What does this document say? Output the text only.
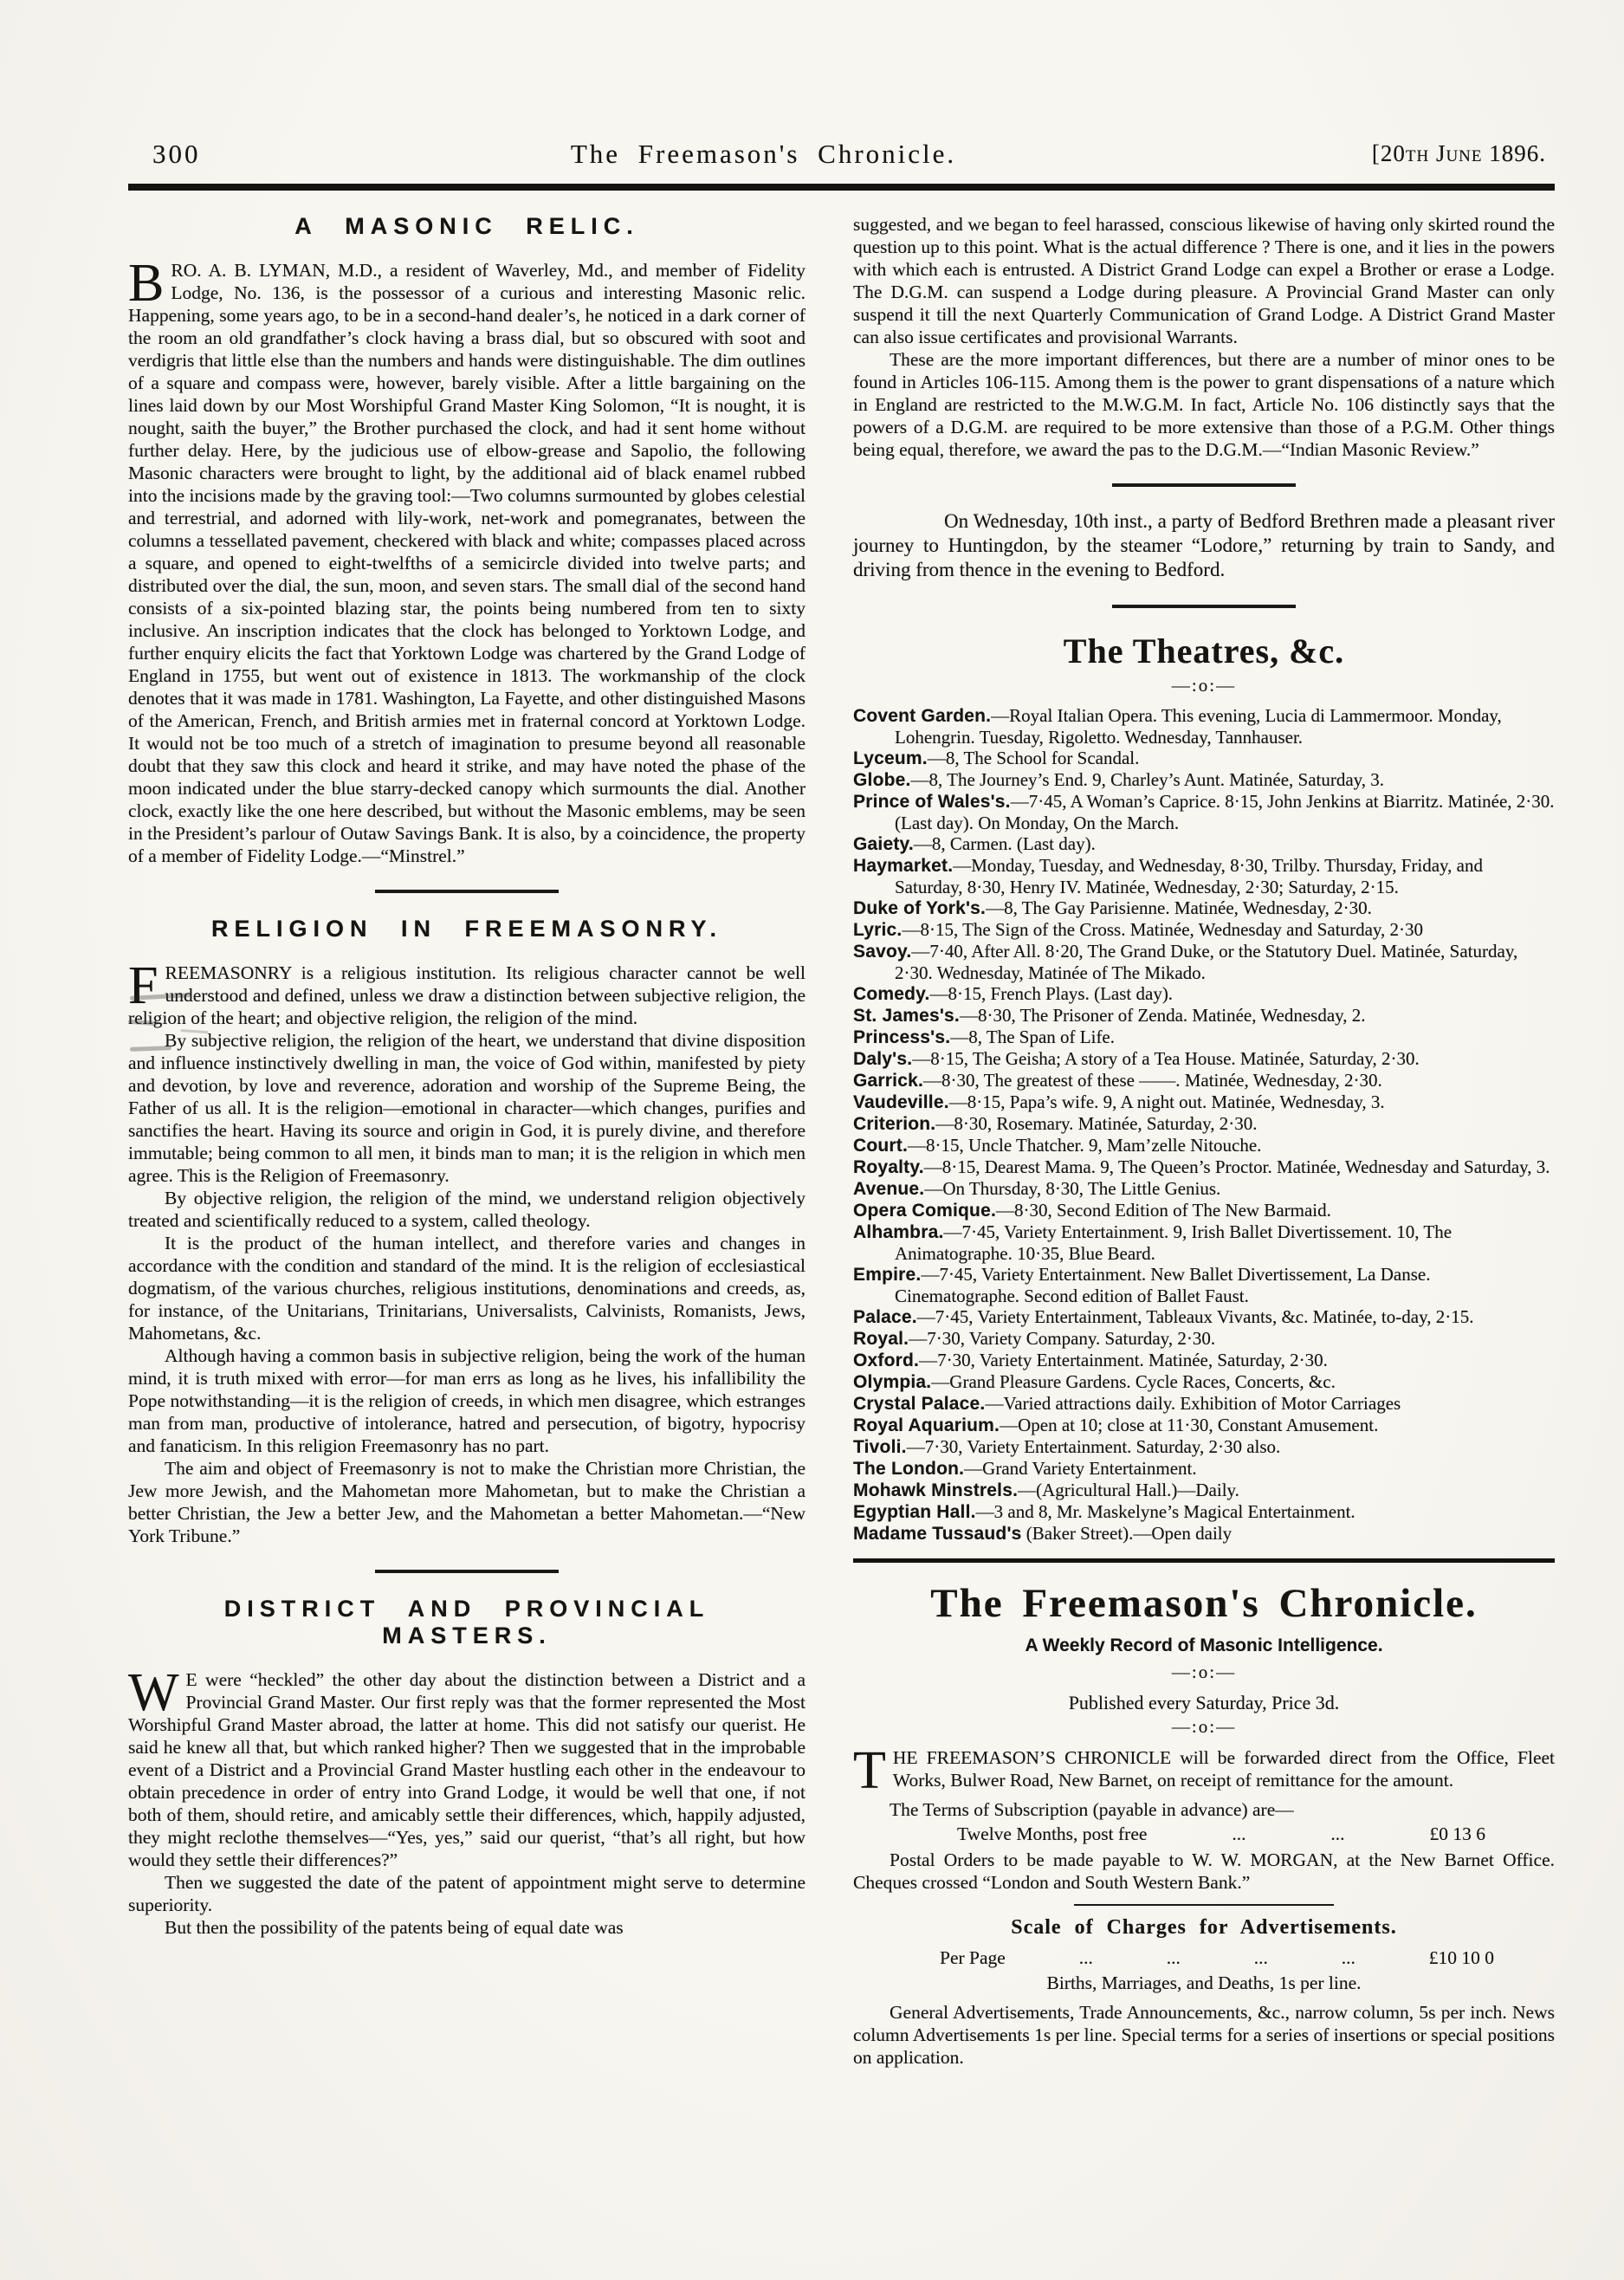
300	The Freemason's Chronicle.	[20th June 1896.
A MASONIC RELIC.

BRO. A. B. LYMAN, M.D., a resident of Waverley, Md., and member of Fidelity Lodge, No. 136, is the possessor of a curious and interesting Masonic relic. Happening, some years ago, to be in a second-hand dealer’s, he noticed in a dark corner of the room an old grandfather’s clock having a brass dial, but so obscured with soot and verdigris that little else than the numbers and hands were distinguishable. The dim outlines of a square and compass were, however, barely visible. After a little bargaining on the lines laid down by our Most Worshipful Grand Master King Solomon, “It is nought, it is nought, saith the buyer,” the Brother purchased the clock, and had it sent home without further delay. Here, by the judicious use of elbow-grease and Sapolio, the following Masonic characters were brought to light, by the additional aid of black enamel rubbed into the incisions made by the graving tool:—Two columns surmounted by globes celestial and terrestrial, and adorned with lily-work, net-work and pomegranates, between the columns a tessellated pavement, checkered with black and white; compasses placed across a square, and opened to eight-twelfths of a semicircle divided into twelve parts; and distributed over the dial, the sun, moon, and seven stars. The small dial of the second hand consists of a six-pointed blazing star, the points being numbered from ten to sixty inclusive. An inscription indicates that the clock has belonged to Yorktown Lodge, and further enquiry elicits the fact that Yorktown Lodge was chartered by the Grand Lodge of England in 1755, but went out of existence in 1813. The workmanship of the clock denotes that it was made in 1781. Washington, La Fayette, and other distinguished Masons of the American, French, and British armies met in fraternal concord at Yorktown Lodge. It would not be too much of a stretch of imagination to presume beyond all reasonable doubt that they saw this clock and heard it strike, and may have noted the phase of the moon indicated under the blue starry-decked canopy which surmounts the dial. Another clock, exactly like the one here described, but without the Masonic emblems, may be seen in the President’s parlour of Outaw Savings Bank. It is also, by a coincidence, the property of a member of Fidelity Lodge.—“Minstrel.”

RELIGION IN FREEMASONRY.

FREEMASONRY is a religious institution. Its religious character cannot be well understood and defined, unless we draw a distinction between subjective religion, the religion of the heart; and objective religion, the religion of the mind.

By subjective religion, the religion of the heart, we understand that divine disposition and influence instinctively dwelling in man, the voice of God within, manifested by piety and devotion, by love and reverence, adoration and worship of the Supreme Being, the Father of us all. It is the religion—emotional in character—which changes, purifies and sanctifies the heart. Having its source and origin in God, it is purely divine, and therefore immutable; being common to all men, it binds man to man; it is the religion in which men agree. This is the Religion of Freemasonry.

By objective religion, the religion of the mind, we understand religion objectively treated and scientifically reduced to a system, called theology.

It is the product of the human intellect, and therefore varies and changes in accordance with the condition and standard of the mind. It is the religion of ecclesiastical dogmatism, of the various churches, religious institutions, denominations and creeds, as, for instance, of the Unitarians, Trinitarians, Universalists, Calvinists, Romanists, Jews, Mahometans, &c.

Although having a common basis in subjective religion, being the work of the human mind, it is truth mixed with error—for man errs as long as he lives, his infallibility the Pope notwithstanding—it is the religion of creeds, in which men disagree, which estranges man from man, productive of intolerance, hatred and persecution, of bigotry, hypocrisy and fanaticism. In this religion Freemasonry has no part.

The aim and object of Freemasonry is not to make the Christian more Christian, the Jew more Jewish, and the Mahometan more Mahometan, but to make the Christian a better Christian, the Jew a better Jew, and the Mahometan a better Mahometan.—“New York Tribune.”

DISTRICT AND PROVINCIAL MASTERS.

W E were “heckled” the other day about the distinction between a District and a Provincial Grand Master. Our first reply was that the former represented the Most Worshipful Grand Master abroad, the latter at home. This did not satisfy our querist. He said he knew all that, but which ranked higher? Then we suggested that in the improbable event of a District and a Provincial Grand Master hustling each other in the endeavour to obtain precedence in order of entry into Grand Lodge, it would be well that one, if not both of them, should retire, and amicably settle their differences, which, happily adjusted, they might reclothe themselves—“Yes, yes,” said our querist, “that’s all right, but how would they settle their differences?”

Then we suggested the date of the patent of appointment might serve to determine superiority.

But then the possibility of the patents being of equal date was

suggested, and we began to feel harassed, conscious likewise of having only skirted round the question up to this point. What is the actual difference ? There is one, and it lies in the powers with which each is entrusted. A District Grand Lodge can expel a Brother or erase a Lodge. The D.G.M. can suspend a Lodge during pleasure. A Provincial Grand Master can only suspend it till the next Quarterly Communication of Grand Lodge. A District Grand Master can also issue certificates and provisional Warrants.

These are the more important differences, but there are a number of minor ones to be found in Articles 106-115. Among them is the power to grant dispensations of a nature which in England are restricted to the M.W.G.M. In fact, Article No. 106 distinctly says that the powers of a D.G.M. are required to be more extensive than those of a P.G.M. Other things being equal, therefore, we award the pas to the D.G.M.—“Indian Masonic Review.”

On Wednesday, 10th inst., a party of Bedford Brethren made a pleasant river journey to Huntingdon, by the steamer “Lodore,” returning by train to Sandy, and driving from thence in the evening to Bedford.

The Theatres, &c.
—:o:—

Covent Garden.—Royal Italian Opera. This evening, Lucia di Lammermoor. Monday, Lohengrin. Tuesday, Rigoletto. Wednesday, Tannhauser.

Lyceum.—8, The School for Scandal.

Globe.—8, The Journey’s End. 9, Charley’s Aunt. Matinée, Saturday, 3.

Prince of Wales's.—7·45, A Woman’s Caprice. 8·15, John Jenkins at Biarritz. Matinée, 2·30. (Last day). On Monday, On the March.

Gaiety.—8, Carmen. (Last day).

Haymarket.—Monday, Tuesday, and Wednesday, 8·30, Trilby. Thursday, Friday, and Saturday, 8·30, Henry IV. Matinée, Wednesday, 2·30; Saturday, 2·15.

Duke of York's.—8, The Gay Parisienne. Matinée, Wednesday, 2·30.

Lyric.—8·15, The Sign of the Cross. Matinée, Wednesday and Saturday, 2·30

Savoy.—7·40, After All. 8·20, The Grand Duke, or the Statutory Duel. Matinée, Saturday, 2·30. Wednesday, Matinée of The Mikado.

Comedy.—8·15, French Plays. (Last day).

St. James's.—8·30, The Prisoner of Zenda. Matinée, Wednesday, 2.

Princess's.—8, The Span of Life.

Daly's.—8·15, The Geisha; A story of a Tea House. Matinée, Saturday, 2·30.

Garrick.—8·30, The greatest of these ——. Matinée, Wednesday, 2·30.

Vaudeville.—8·15, Papa’s wife. 9, A night out. Matinée, Wednesday, 3.

Criterion.—8·30, Rosemary. Matinée, Saturday, 2·30.

Court.—8·15, Uncle Thatcher. 9, Mam’zelle Nitouche.

Royalty.—8·15, Dearest Mama. 9, The Queen’s Proctor. Matinée, Wednesday and Saturday, 3.

Avenue.—On Thursday, 8·30, The Little Genius.

Opera Comique.—8·30, Second Edition of The New Barmaid.

Alhambra.—7·45, Variety Entertainment. 9, Irish Ballet Divertissement. 10, The Animatographe. 10·35, Blue Beard.

Empire.—7·45, Variety Entertainment. New Ballet Divertissement, La Danse. Cinematographe. Second edition of Ballet Faust.

Palace.—7·45, Variety Entertainment, Tableaux Vivants, &c. Matinée, to-day, 2·15.

Royal.—7·30, Variety Company. Saturday, 2·30.

Oxford.—7·30, Variety Entertainment. Matinée, Saturday, 2·30.

Olympia.—Grand Pleasure Gardens. Cycle Races, Concerts, &c.

Crystal Palace.—Varied attractions daily. Exhibition of Motor Carriages

Royal Aquarium.—Open at 10; close at 11·30, Constant Amusement.

Tivoli.—7·30, Variety Entertainment. Saturday, 2·30 also.

The London.—Grand Variety Entertainment.

Mohawk Minstrels.—(Agricultural Hall.)—Daily.

Egyptian Hall.—3 and 8, Mr. Maskelyne’s Magical Entertainment.

Madame Tussaud's (Baker Street).—Open daily

The Freemason's Chronicle.
A Weekly Record of Masonic Intelligence.
—:o:—
Published every Saturday, Price 3d.
—:o:—

THE FREEMASON’S CHRONICLE will be forwarded direct from the Office, Fleet Works, Bulwer Road, New Barnet, on receipt of remittance for the amount.

The Terms of Subscription (payable in advance) are—

Twelve Months, post free	...	...	£0 13 6

Postal Orders to be made payable to W. W. MORGAN, at the New Barnet Office. Cheques crossed “London and South Western Bank.”

Scale of Charges for Advertisements.
Per Page	...	...	...	...	£10 10 0
Births, Marriages, and Deaths, 1s per line.

General Advertisements, Trade Announcements, &c., narrow column, 5s per inch. News column Advertisements 1s per line. Special terms for a series of insertions or special positions on application.
